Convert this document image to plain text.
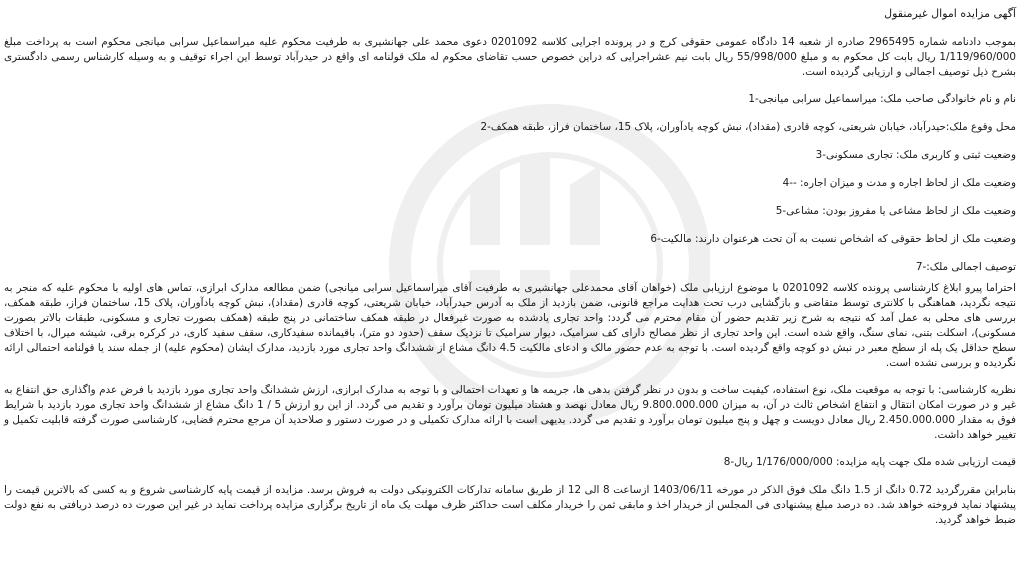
آگهی مزایده اموال غیرمنقول
بموجب دادنامه شماره 2965495 صادره از شعبه 14 دادگاه عمومی حقوقی کرج و در پرونده اجرایی کلاسه 0201092 دعوی محمد علی جهانشیری به طرفیت محکوم علیه میراسماعیل سرابی میانجی محکوم است به پرداخت مبلغ 1/119/960/000 ریال بابت کل محکوم به و مبلغ 55/998/000 ریال بابت نیم عشراجرایی که دراین خصوص حسب تقاضای محکوم له ملک قولنامه ای واقع در حیدرآباد توسط این اجراء توقیف و به وسیله کارشناس رسمی دادگستری بشرح ذیل توصیف اجمالی و ارزیابی گردیده است.
نام و نام خانوادگی صاحب ملک: میراسماعیل سرابی میانجی-1
محل وقوع ملک:حیدرآباد، خیابان شریعتی، کوچه قادری (مقداد)، نبش کوچه یادآوران، پلاک 15، ساختمان فراز، طبقه همکف-2
وضعیت ثبتی و کاربری ملک: تجاری مسکونی-3
وضعیت ملک از لحاظ اجاره و مدت و میزان اجاره: --4
وضعیت ملک از لحاظ مشاعی یا مفروز بودن: مشاعی-5
وضعیت ملک از لحاظ حقوقی که اشخاص نسبت به آن تحت هرعنوان دارند: مالکیت-6
توصیف اجمالی ملک:-7
احتراما پیرو ابلاغ کارشناسی پرونده کلاسه 0201092 با موضوع ارزیابی ملک (خواهان آقای محمدعلی جهانشیری به طرفیت آقای میراسماعیل سرابی میانجی) ضمن مطالعه مدارک ابرازی، تماس های اولیه با محکوم علیه که منجر به نتیجه نگردید، هماهنگی با کلانتری توسط متقاضی و بازگشایی درب تحت هدایت مراجع قانونی، ضمن بازدید از ملک به آدرس حیدرآباد، خیابان شریعتی، کوچه قادری (مقداد)، نبش کوچه یادآوران، پلاک 15، ساختمان فراز، طبقه همکف، بررسی های محلی به عمل آمد که نتیجه به شرح زیر تقدیم حضور آن مقام محترم می گردد: واحد تجاری یادشده به صورت غیرفعال در طبقه همکف ساختمانی در پنج طبقه (همکف بصورت تجاری و مسکونی، طبقات بالاتر بصورت مسکونی)، اسکلت بتنی، نمای سنگ، واقع شده است. این واحد تجاری از نظر مصالح دارای کف سرامیک، دیوار سرامیک تا نزدیک سقف (حدود دو متر)، باقیمانده سفیدکاری، سقف سفید کاری، در کرکره برقی، شیشه میرال، با اختلاف سطح حداقل یک پله از سطح معبر در نبش دو کوچه واقع گردیده است. با توجه به عدم حضور مالک و ادعای مالکیت 4.5 دانگ مشاع از ششدانگ واحد تجاری مورد بازدید، مدارک ایشان (محکوم علیه) از جمله سند یا قولنامه احتمالی ارائه نگردیده و بررسی نشده است.
نظریه کارشناسی: با توجه به موقعیت ملک، نوع استفاده، کیفیت ساخت و بدون در نظر گرفتن بدهی ها، جریمه ها و تعهدات احتمالی و با توجه به مدارک ابرازی، ارزش ششدانگ واحد تجاری مورد بازدید با فرض عدم واگذاری حق انتفاع به غیر و در صورت امکان انتقال و انتفاع اشخاص ثالث در آن، به میزان 9.800.000.000 ریال معادل نهصد و هشتاد میلیون تومان برآورد و تقدیم می گردد. از این رو ارزش 5 / 1 دانگ مشاع از ششدانگ واحد تجاری مورد بازدید با شرایط فوق به مقدار 2.450.000.000 ریال معادل دویست و چهل و پنج میلیون تومان برآورد و تقدیم می گردد. بدیهی است با ارائه مدارک تکمیلی و در صورت دستور و صلاحدید آن مرجع محترم قضایی، کارشناسی صورت گرفته قابلیت تکمیل و تغییر خواهد داشت.
قیمت ارزیابی شده ملک جهت پایه مزایده: 1/176/000/000 ریال-8
بنابراین مقررگردید 0.72 دانگ از 1.5 دانگ ملک فوق الذکر در مورخه 1403/06/11 ازساعت 8 الی 12 از طریق سامانه تدارکات الکترونیکی دولت به فروش برسد. مزایده از قیمت پایه کارشناسی شروع و به کسی که بالاترین قیمت را پیشنهاد نماید فروخته خواهد شد. ده درصد مبلغ پیشنهادی فی المجلس از خریدار اخذ و مابقی ثمن را خریدار مکلف است حداکثر ظرف مهلت یک ماه از تاریخ برگزاری مزایده پرداخت نماید در غیر این صورت ده درصد دریافتی به نفع دولت ضبط خواهد گردید.
